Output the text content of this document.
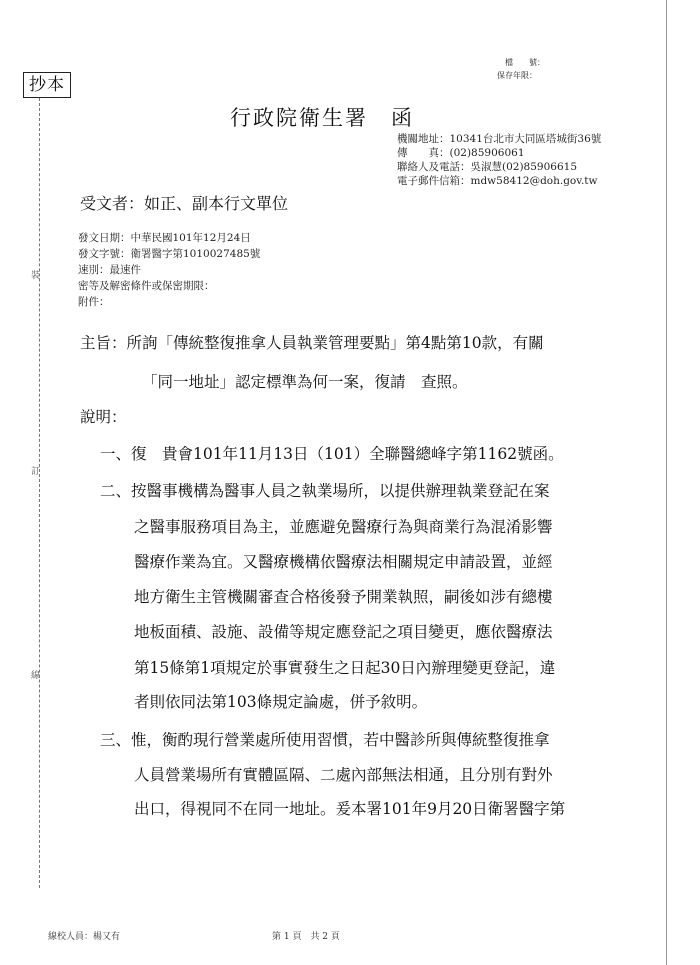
抄本
裝
訂
線
檔　　號：
保存年限：
行政院衛生署　函
機關地址：10341台北市大同區塔城街36號
傳　　真：(02)85906061
聯絡人及電話：吳淑慧(02)85906615
電子郵件信箱：mdw58412@doh.gov.tw
受文者：如正、副本行文單位
發文日期：中華民國101年12月24日
發文字號：衛署醫字第1010027485號
速別：最速件
密等及解密條件或保密期限：
附件：
主旨：所詢「傳統整復推拿人員執業管理要點」第4點第10款，有關
「同一地址」認定標準為何一案，復請　查照。
說明：
一、復　貴會101年11月13日（101）全聯醫總峰字第1162號函。
二、按醫事機構為醫事人員之執業場所，以提供辦理執業登記在案
之醫事服務項目為主，並應避免醫療行為與商業行為混淆影響
醫療作業為宜。又醫療機構依醫療法相關規定申請設置，並經
地方衛生主管機關審查合格後發予開業執照，嗣後如涉有總樓
地板面積、設施、設備等規定應登記之項目變更，應依醫療法
第15條第1項規定於事實發生之日起30日內辦理變更登記，違
者則依同法第103條規定論處，併予敘明。
三、惟，衡酌現行營業處所使用習慣，若中醫診所與傳統整復推拿
人員營業場所有實體區隔、二處內部無法相通，且分別有對外
出口，得視同不在同一地址。爰本署101年9月20日衛署醫字第
線校人員：楊又有	第 1 頁　共 2 頁
